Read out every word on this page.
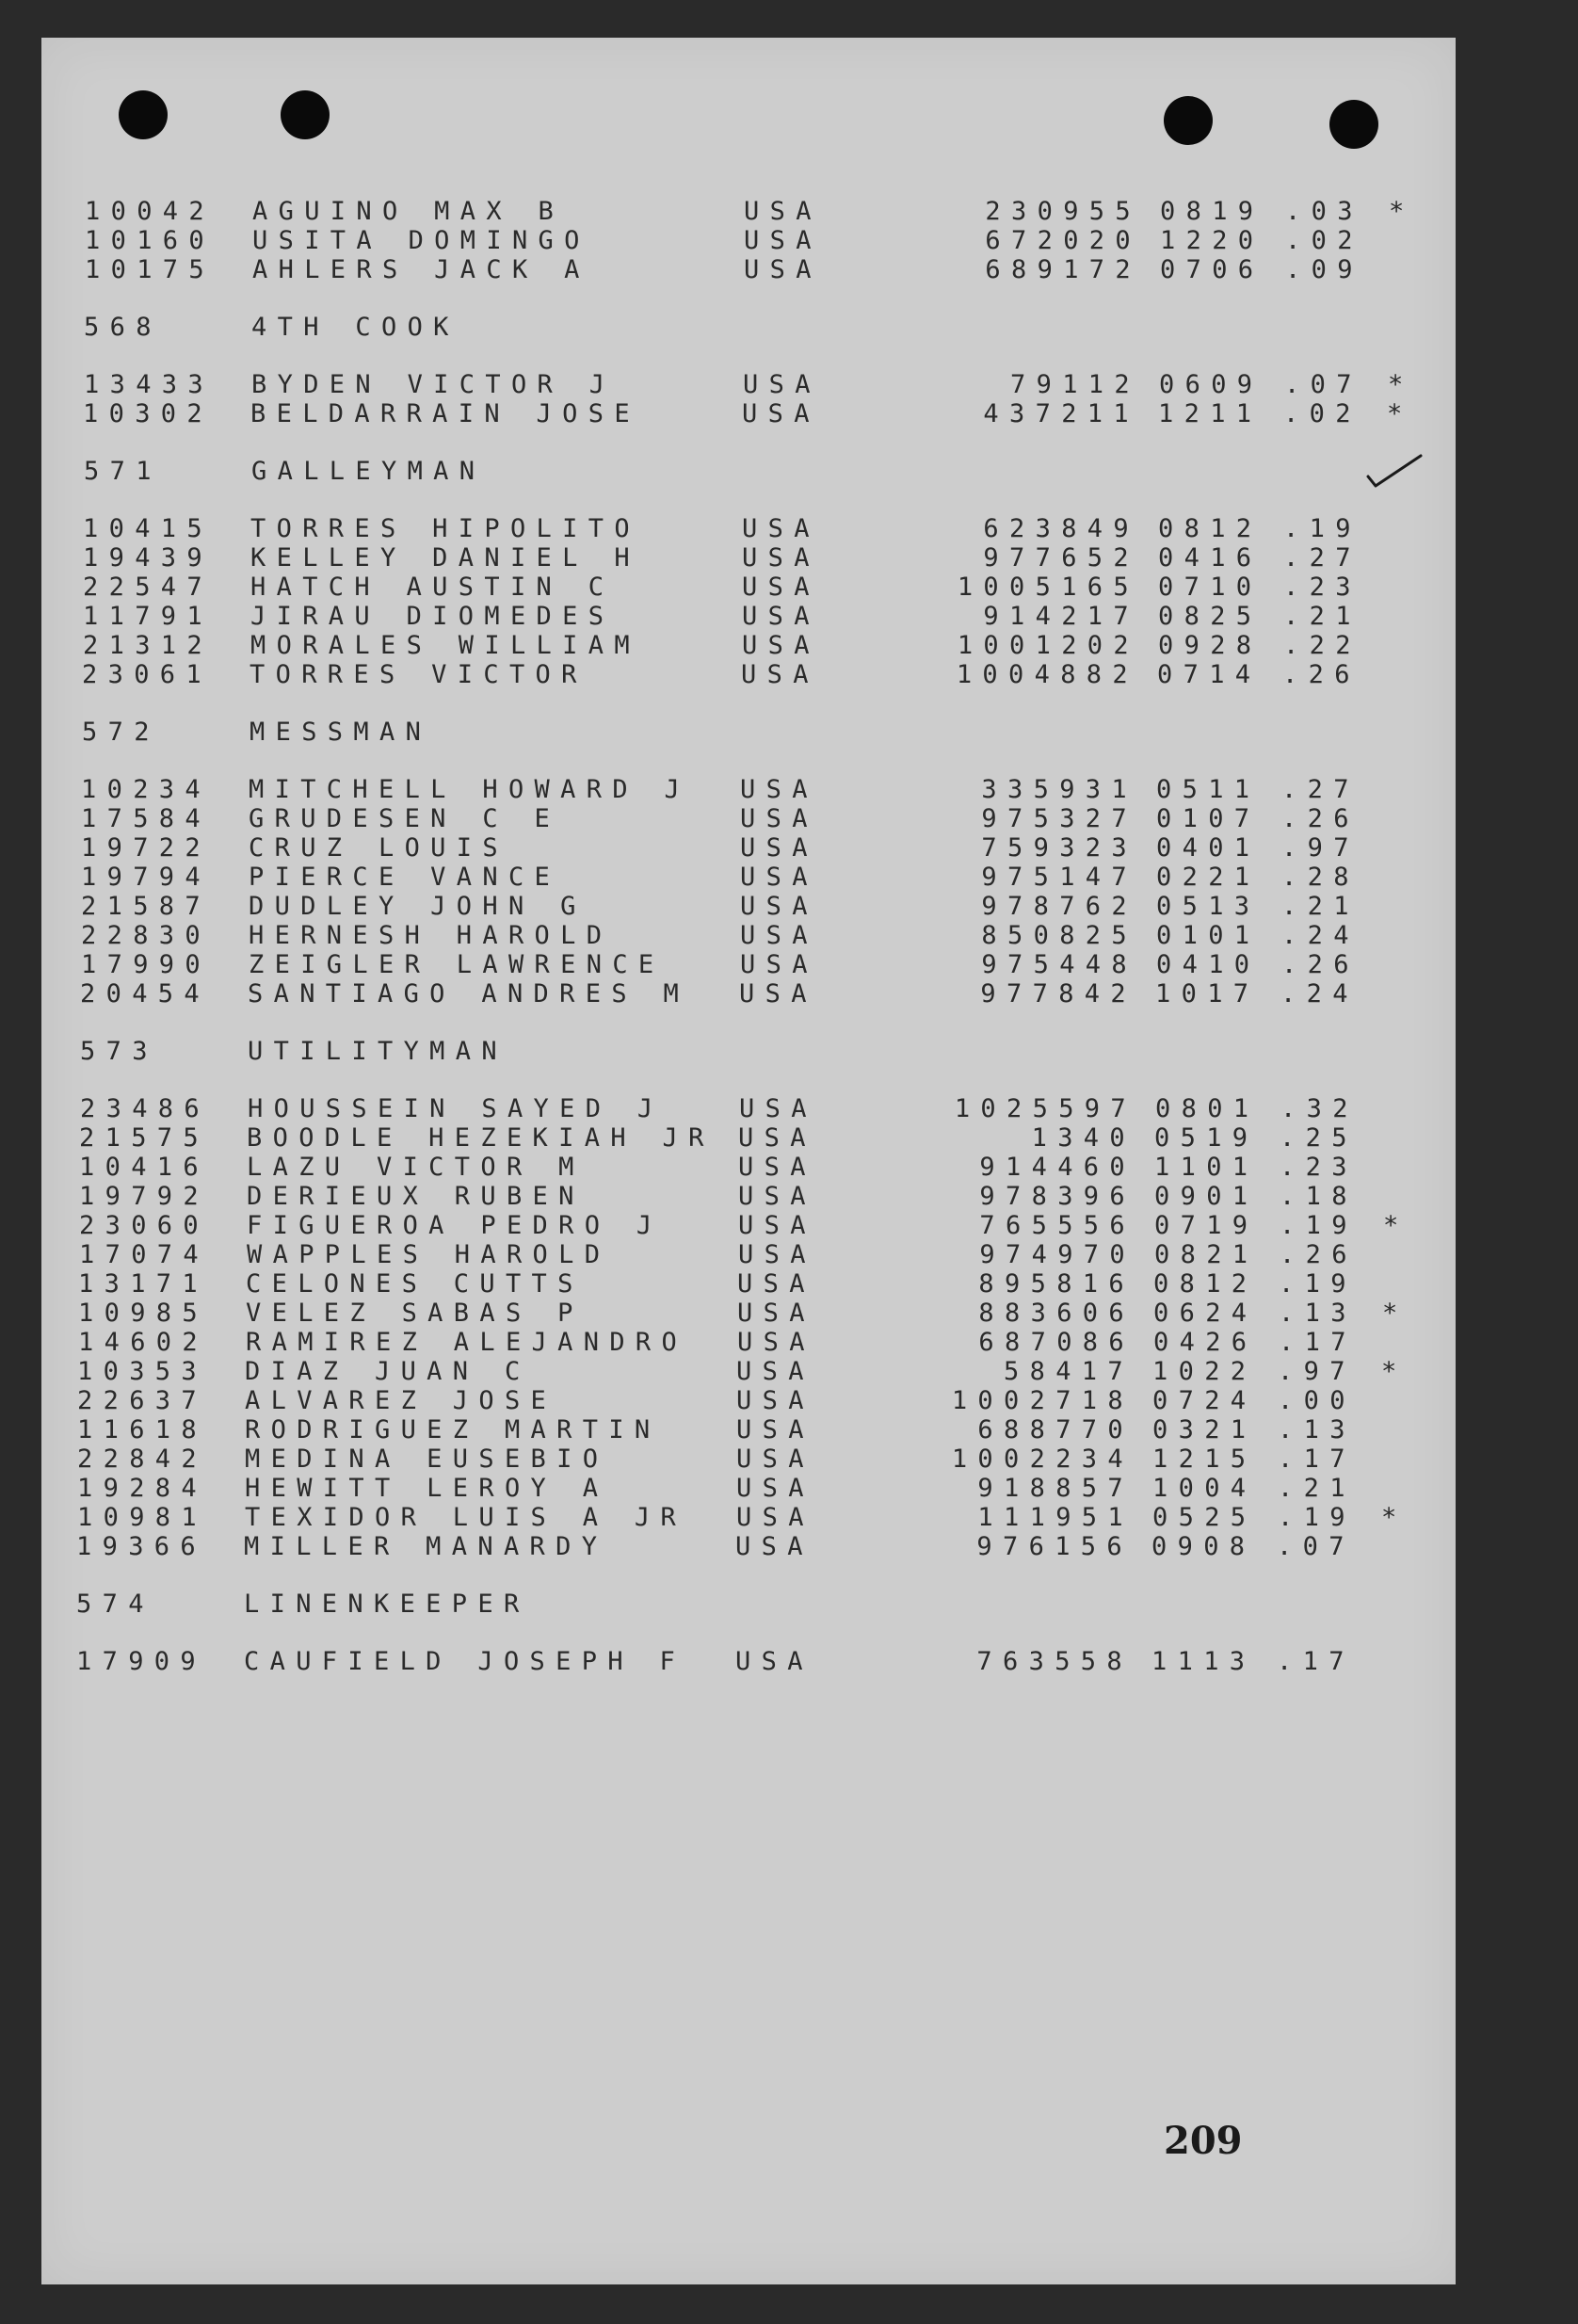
10042 AGUINO MAX B	USA	230955 0819 .03 *
10160 USITA DOMINGO	USA	672020 1220 .02
10175 AHLERS JACK A	USA	689172 0706 .09
568	4TH COOK
13433 BYDEN VICTOR J	USA	79112 0609 .07 *
10302 BELDARRAIN JOSE	USA	437211 1211 .02 *
571	GALLEYMAN
10415 TORRES HIPOLITO	USA	623849 0812 .19
19439 KELLEY DANIEL H	USA	977652 0416 .27
22547 HATCH AUSTIN C	USA	1005165 0710 .23
11791 JIRAU DIOMEDES	USA	914217 0825 .21
21312 MORALES WILLIAM	USA	1001202 0928 .22
23061 TORRES VICTOR	USA	1004882 0714 .26
572	MESSMAN
10234 MITCHELL HOWARD J USA	335931 0511 .27
17584 GRUDESEN C E	USA	975327 0107 .26
19722 CRUZ LOUIS	USA	759323 0401 .97
19794 PIERCE VANCE	USA	975147 0221 .28
21587 DUDLEY JOHN G	USA	978762 0513 .21
22830 HERNESH HAROLD	USA	850825 0101 .24
17990 ZEIGLER LAWRENCE	USA	975448 0410 .26
20454 SANTIAGO ANDRES M USA	977842 1017 .24
573	UTILITYMAN
23486 HOUSSEIN SAYED J	USA	1025597 0801 .32
21575 BOODLE HEZEKIAH JR USA	1340 0519 .25
10416 LAZU VICTOR M	USA	914460 1101 .23
19792 DERIEUX RUBEN	USA	978396 0901 .18
23060 FIGUEROA PEDRO J	USA	765556 0719 .19 *
17074 WAPPLES HAROLD	USA	974970 0821 .26
13171 CELONES CUTTS	USA	895816 0812 .19
10985 VELEZ SABAS P	USA	883606 0624 .13 *
14602 RAMIREZ ALEJANDRO USA	687086 0426 .17
10353 DIAZ JUAN C	USA	58417 1022 .97 *
22637 ALVAREZ JOSE	USA	1002718 0724 .00
11618 RODRIGUEZ MARTIN	USA	688770 0321 .13
22842 MEDINA EUSEBIO	USA	1002234 1215 .17
19284 HEWITT LEROY A	USA	918857 1004 .21
10981 TEXIDOR LUIS A JR USA	111951 0525 .19 *
19366 MILLER MANARDY	USA	976156 0908 .07
574	LINENKEEPER
17909 CAUFIELD JOSEPH F USA	763558 1113 .17
209
